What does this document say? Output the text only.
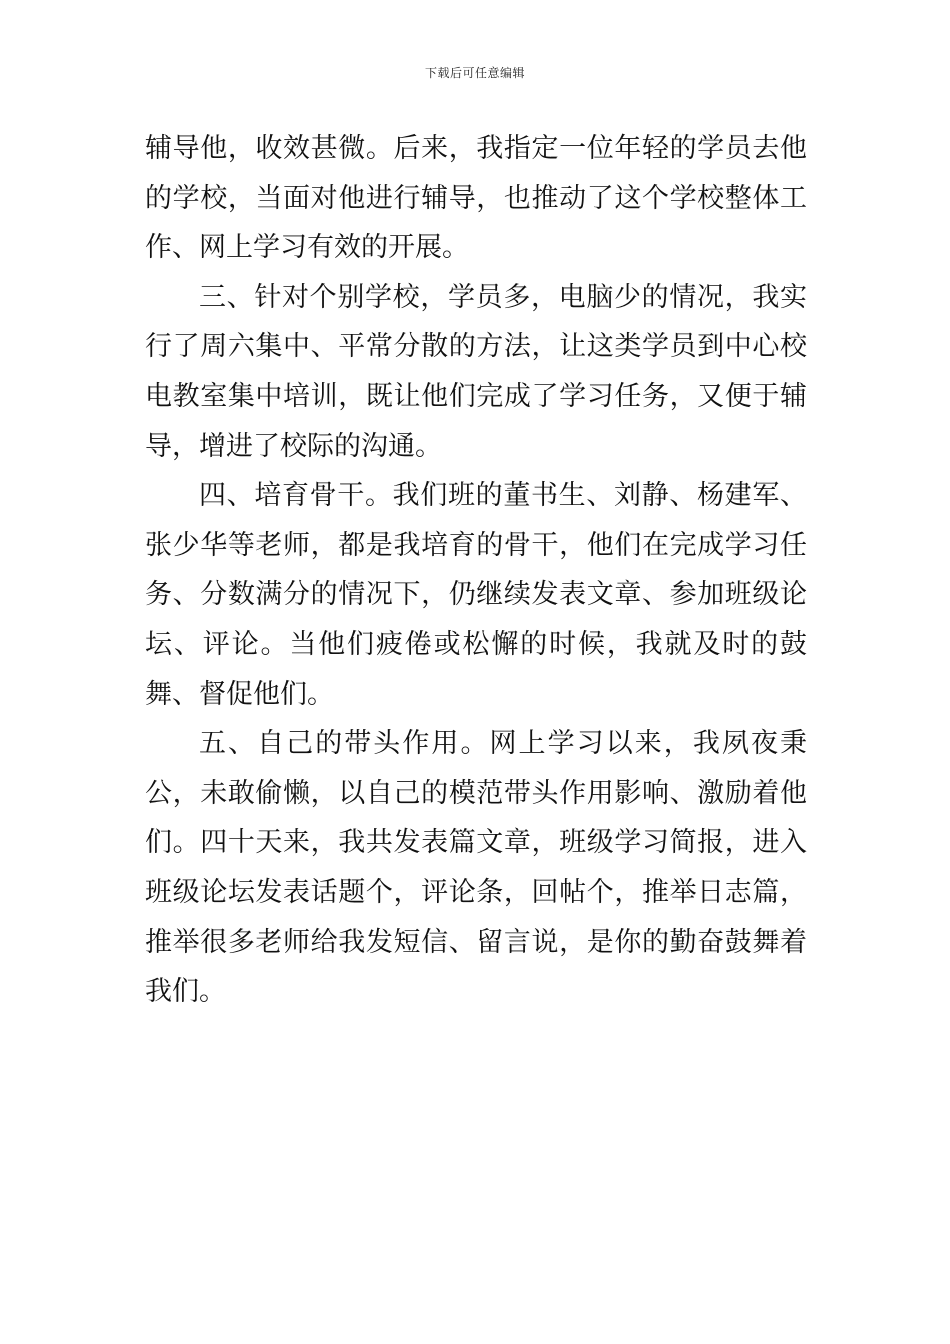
下载后可任意编辑

辅导他，收效甚微。后来，我指定一位年轻的学员去他的学校，当面对他进行辅导，也推动了这个学校整体工作、网上学习有效的开展。

三、针对个别学校，学员多，电脑少的情况，我实行了周六集中、平常分散的方法，让这类学员到中心校电教室集中培训，既让他们完成了学习任务，又便于辅导，增进了校际的沟通。

四、培育骨干。我们班的董书生、刘静、杨建军、张少华等老师，都是我培育的骨干，他们在完成学习任务、分数满分的情况下，仍继续发表文章、参加班级论坛、评论。当他们疲倦或松懈的时候，我就及时的鼓舞、督促他们。

五、自己的带头作用。网上学习以来，我夙夜秉公，未敢偷懒，以自己的模范带头作用影响、激励着他们。四十天来，我共发表篇文章，班级学习简报，进入班级论坛发表话题个，评论条，回帖个，推举日志篇，推举很多老师给我发短信、留言说，是你的勤奋鼓舞着我们。
